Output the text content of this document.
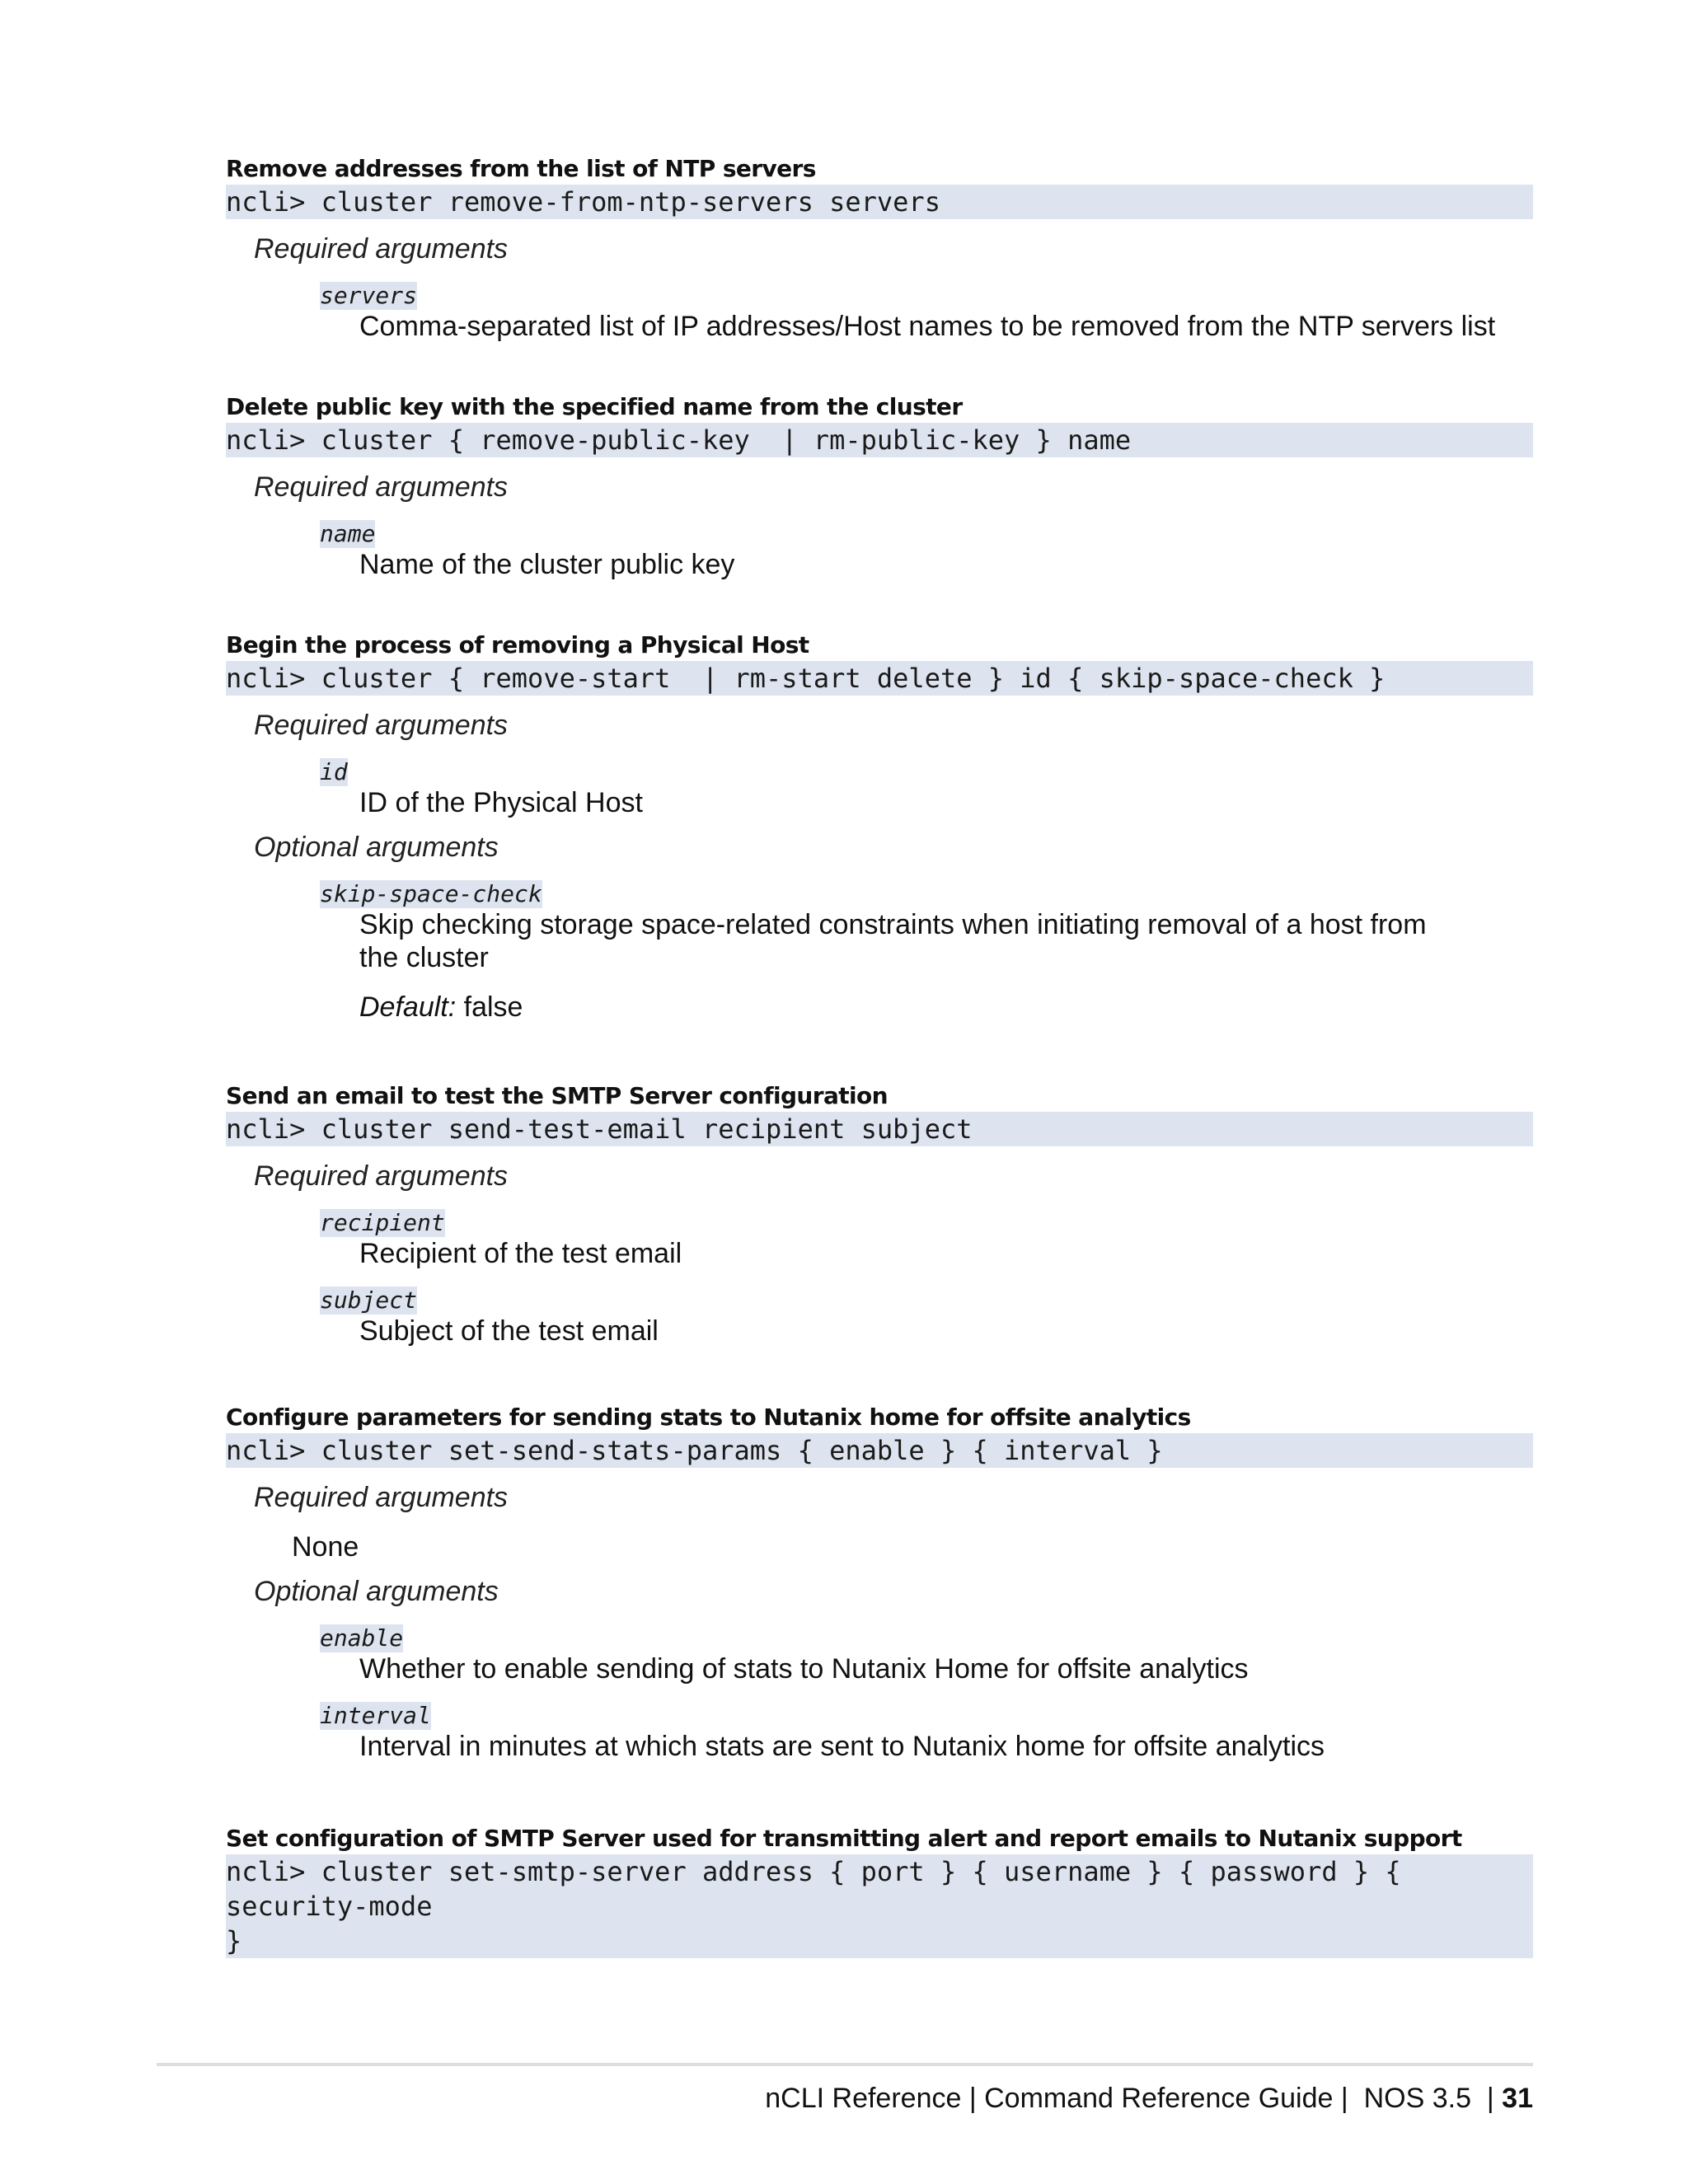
Remove addresses from the list of NTP servers
ncli> cluster remove-from-ntp-servers servers
Required arguments
servers
Comma-separated list of IP addresses/Host names to be removed from the NTP servers list
Delete public key with the specified name from the cluster
ncli> cluster { remove-public-key  | rm-public-key } name
Required arguments
name
Name of the cluster public key
Begin the process of removing a Physical Host
ncli> cluster { remove-start  | rm-start delete } id { skip-space-check }
Required arguments
id
ID of the Physical Host
Optional arguments
skip-space-check
Skip checking storage space-related constraints when initiating removal of a host from the cluster
Default: false
Send an email to test the SMTP Server configuration
ncli> cluster send-test-email recipient subject
Required arguments
recipient
Recipient of the test email
subject
Subject of the test email
Configure parameters for sending stats to Nutanix home for offsite analytics
ncli> cluster set-send-stats-params { enable } { interval }
Required arguments
None
Optional arguments
enable
Whether to enable sending of stats to Nutanix Home for offsite analytics
interval
Interval in minutes at which stats are sent to Nutanix home for offsite analytics
Set configuration of SMTP Server used for transmitting alert and report emails to Nutanix support
ncli> cluster set-smtp-server address { port } { username } { password } { security-mode
}
nCLI Reference | Command Reference Guide |  NOS 3.5  | 31
